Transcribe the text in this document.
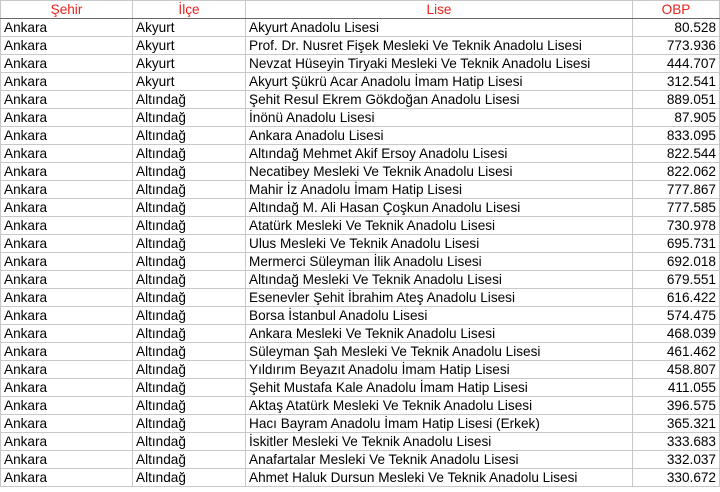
Şehir	İlçe	Lise	OBP
Ankara	Akyurt	Akyurt Anadolu Lisesi	80.528
Ankara	Akyurt	Prof. Dr. Nusret Fişek Mesleki Ve Teknik Anadolu Lisesi	773.936
Ankara	Akyurt	Nevzat Hüseyin Tiryaki Mesleki Ve Teknik Anadolu Lisesi	444.707
Ankara	Akyurt	Akyurt Şükrü Acar Anadolu İmam Hatip Lisesi	312.541
Ankara	Altındağ	Şehit Resul Ekrem Gökdoğan Anadolu Lisesi	889.051
Ankara	Altındağ	İnönü Anadolu Lisesi	87.905
Ankara	Altındağ	Ankara Anadolu Lisesi	833.095
Ankara	Altındağ	Altındağ Mehmet Akif Ersoy Anadolu Lisesi	822.544
Ankara	Altındağ	Necatibey Mesleki Ve Teknik Anadolu Lisesi	822.062
Ankara	Altındağ	Mahir İz Anadolu İmam Hatip Lisesi	777.867
Ankara	Altındağ	Altındağ M. Ali Hasan Çoşkun Anadolu Lisesi	777.585
Ankara	Altındağ	Atatürk Mesleki Ve Teknik Anadolu Lisesi	730.978
Ankara	Altındağ	Ulus Mesleki Ve Teknik Anadolu Lisesi	695.731
Ankara	Altındağ	Mermerci Süleyman İlik Anadolu Lisesi	692.018
Ankara	Altındağ	Altındağ Mesleki Ve Teknik Anadolu Lisesi	679.551
Ankara	Altındağ	Esenevler Şehit İbrahim Ateş Anadolu Lisesi	616.422
Ankara	Altındağ	Borsa İstanbul Anadolu Lisesi	574.475
Ankara	Altındağ	Ankara Mesleki Ve Teknik Anadolu Lisesi	468.039
Ankara	Altındağ	Süleyman Şah Mesleki Ve Teknik Anadolu Lisesi	461.462
Ankara	Altındağ	Yıldırım Beyazıt Anadolu İmam Hatip Lisesi	458.807
Ankara	Altındağ	Şehit Mustafa Kale Anadolu İmam Hatip Lisesi	411.055
Ankara	Altındağ	Aktaş Atatürk Mesleki Ve Teknik Anadolu Lisesi	396.575
Ankara	Altındağ	Hacı Bayram Anadolu İmam Hatip Lisesi (Erkek)	365.321
Ankara	Altındağ	İskitler Mesleki Ve Teknik Anadolu Lisesi	333.683
Ankara	Altındağ	Anafartalar Mesleki Ve Teknik Anadolu Lisesi	332.037
Ankara	Altındağ	Ahmet Haluk Dursun Mesleki Ve Teknik Anadolu Lisesi	330.672
